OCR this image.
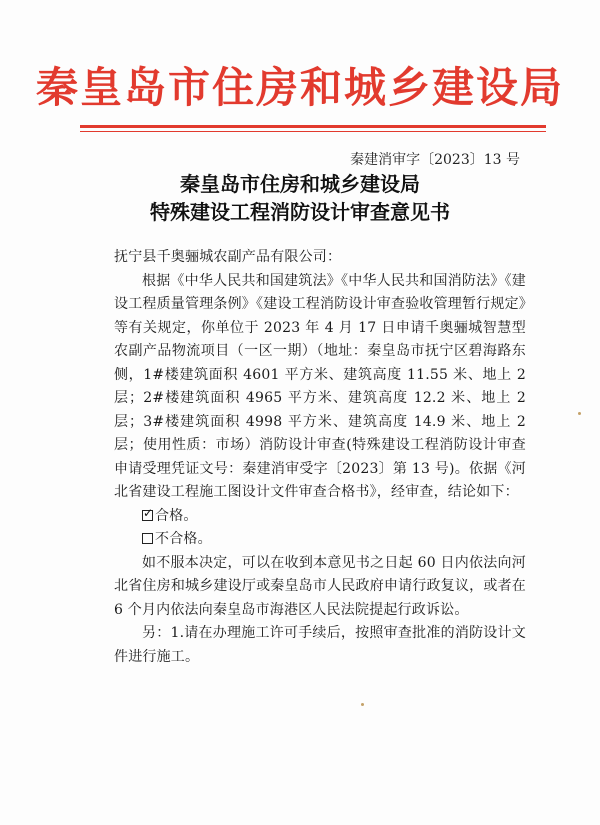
秦皇岛市住房和城乡建设局
秦建消审字〔2023〕13 号
秦皇岛市住房和城乡建设局
特殊建设工程消防设计审查意见书

抚宁县千奥骊城农副产品有限公司：

根据《中华人民共和国建筑法》《中华人民共和国消防法》《建设工程质量管理条例》《建设工程消防设计审查验收管理暂行规定》等有关规定，你单位于 2023 年 4 月 17 日申请千奥骊城智慧型农副产品物流项目（一区一期）（地址：秦皇岛市抚宁区碧海路东侧，1#楼建筑面积 4601 平方米、建筑高度 11.55 米、地上 2 层；2#楼建筑面积 4965 平方米、建筑高度 12.2 米、地上 2 层；3#楼建筑面积 4998 平方米、建筑高度 14.9 米、地上 2 层；使用性质：市场）消防设计审查(特殊建设工程消防设计审查申请受理凭证文号：秦建消审受字〔2023〕第 13 号)。依据《河北省建设工程施工图设计文件审查合格书》，经审查，结论如下：

✓ 合格。

不合格。

如不服本决定，可以在收到本意见书之日起 60 日内依法向河北省住房和城乡建设厅或秦皇岛市人民政府申请行政复议，或者在 6 个月内依法向秦皇岛市海港区人民法院提起行政诉讼。

另：1.请在办理施工许可手续后，按照审查批准的消防设计文件进行施工。
